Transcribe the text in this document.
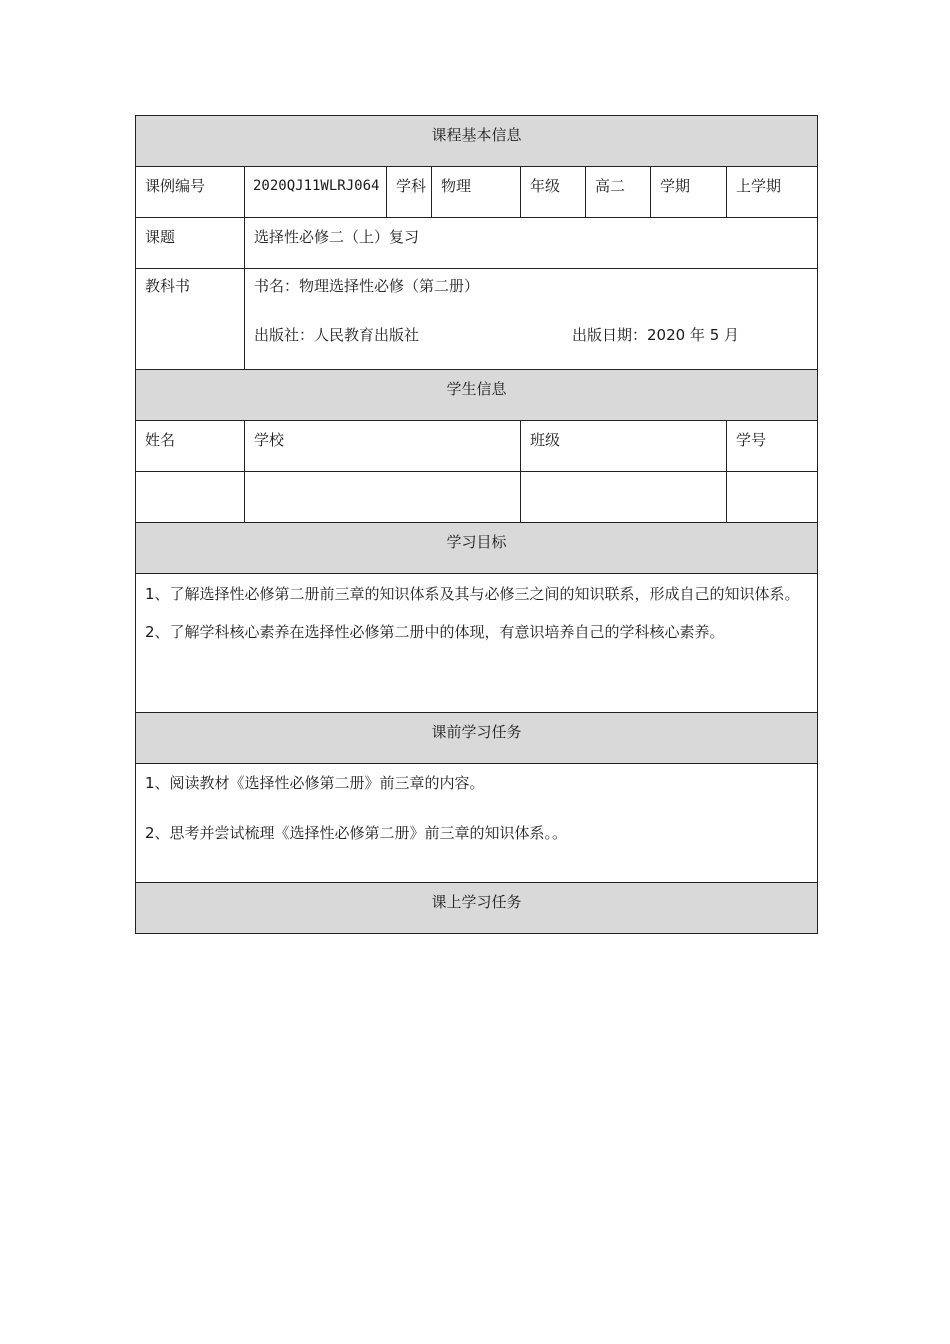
课程基本信息							
课例编号	2020QJ11WLRJ064	学科	物理	年级	高二	学期	上学期
课题	选择性必修二（上）复习						
教科书	书名：物理选择性必修（第二册）
出版社：人民教育出版社 出版日期：2020 年 5 月						

学生信息							
姓名	学校			班级			学号

学习目标							

1、了解选择性必修第二册前三章的知识体系及其与必修三之间的知识联系，形成自己的知识体系。

2、了解学科核心素养在选择性必修第二册中的体现，有意识培养自己的学科核心素养。							

课前学习任务							

1、阅读教材《选择性必修第二册》前三章的内容。

2、思考并尝试梳理《选择性必修第二册》前三章的知识体系。。							

课上学习任务							
